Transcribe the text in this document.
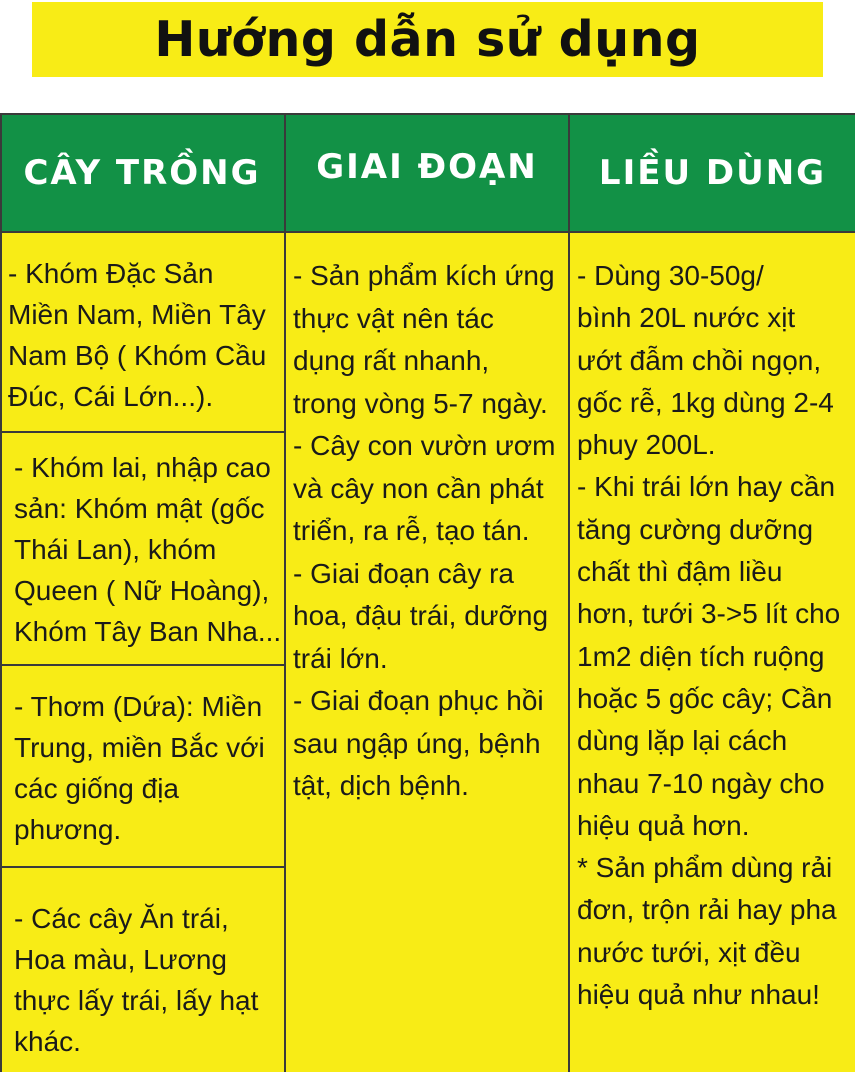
Hướng dẫn sử dụng
CÂY TRỒNG	GIAI ĐOẠN	LIỀU DÙNG
- Khóm Đặc Sản
Miền Nam, Miền Tây
Nam Bộ ( Khóm Cầu
Đúc, Cái Lớn...).
- Khóm lai, nhập cao
sản: Khóm mật (gốc
Thái Lan), khóm
Queen ( Nữ Hoàng),
Khóm Tây Ban Nha...
- Thơm (Dứa): Miền
Trung, miền Bắc với
các giống địa
phương.
- Các cây Ăn trái,
Hoa màu, Lương
thực lấy trái, lấy hạt
khác.
- Sản phẩm kích ứng
thực vật nên tác
dụng rất nhanh,
trong vòng 5-7 ngày.
- Cây con vườn ươm
và cây non cần phát
triển, ra rễ, tạo tán.
- Giai đoạn cây ra
hoa, đậu trái, dưỡng
trái lớn.
- Giai đoạn phục hồi
sau ngập úng, bệnh
tật, dịch bệnh.
- Dùng 30-50g/
bình 20L nước xịt
ướt đẫm chồi ngọn,
gốc rễ, 1kg dùng 2-4
phuy 200L.
- Khi trái lớn hay cần
tăng cường dưỡng
chất thì đậm liều
hơn, tưới 3->5 lít cho
1m2 diện tích ruộng
hoặc 5 gốc cây; Cần
dùng lặp lại cách
nhau 7-10 ngày cho
hiệu quả hơn.
* Sản phẩm dùng rải
đơn, trộn rải hay pha
nước tưới, xịt đều
hiệu quả như nhau!
